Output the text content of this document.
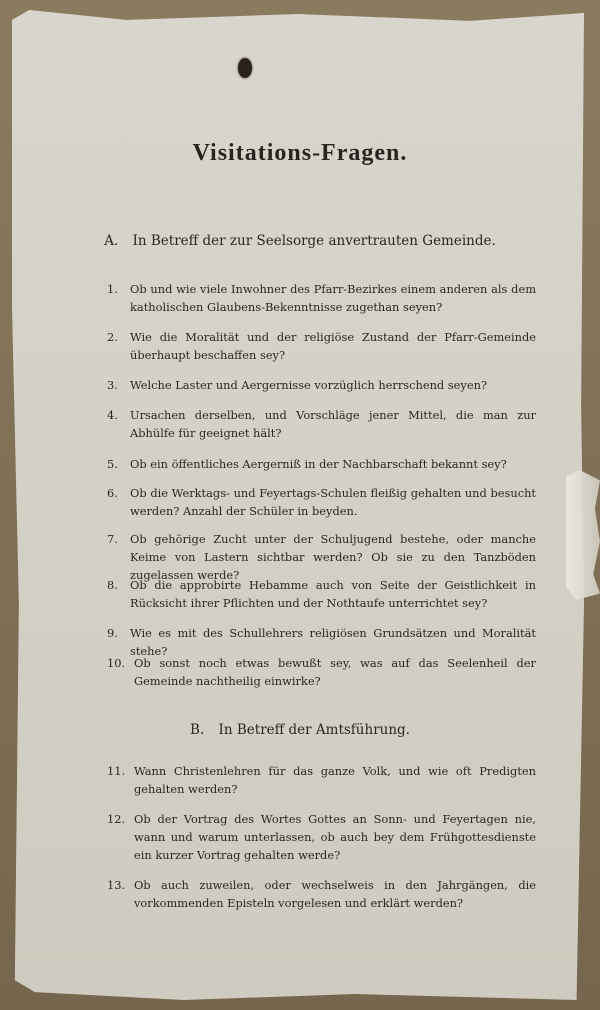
Visitations-Fragen.
A. In Betreff der zur Seelsorge anvertrauten Gemeinde.
1. Ob und wie viele Inwohner des Pfarr-Bezirkes einem anderen als dem katholischen Glaubens-Bekenntnisse zugethan seyen?
2. Wie die Moralität und der religiöse Zustand der Pfarr-Gemeinde überhaupt beschaffen sey?
3. Welche Laster und Aergernisse vorzüglich herrschend seyen?
4. Ursachen derselben, und Vorschläge jener Mittel, die man zur Abhülfe für geeignet hält?
5. Ob ein öffentliches Aergerniß in der Nachbarschaft bekannt sey?
6. Ob die Werktags- und Feyertags-Schulen fleißig gehalten und besucht werden? Anzahl der Schüler in beyden.
7. Ob gehörige Zucht unter der Schuljugend bestehe, oder manche Keime von Lastern sichtbar werden? Ob sie zu den Tanzböden zugelassen werde?
8. Ob die approbirte Hebamme auch von Seite der Geistlichkeit in Rücksicht ihrer Pflichten und der Nothtaufe unterrichtet sey?
9. Wie es mit des Schullehrers religiösen Grundsätzen und Moralität stehe?
10. Ob sonst noch etwas bewußt sey, was auf das Seelenheil der Gemeinde nachtheilig einwirke?
B. In Betreff der Amtsführung.
11. Wann Christenlehren für das ganze Volk, und wie oft Predigten gehalten werden?
12. Ob der Vortrag des Wortes Gottes an Sonn- und Feyertagen nie, wann und warum unterlassen, ob auch bey dem Frühgottesdienste ein kurzer Vortrag gehalten werde?
13. Ob auch zuweilen, oder wechselweis in den Jahrgängen, die vorkommenden Episteln vorgelesen und erklärt werden?
